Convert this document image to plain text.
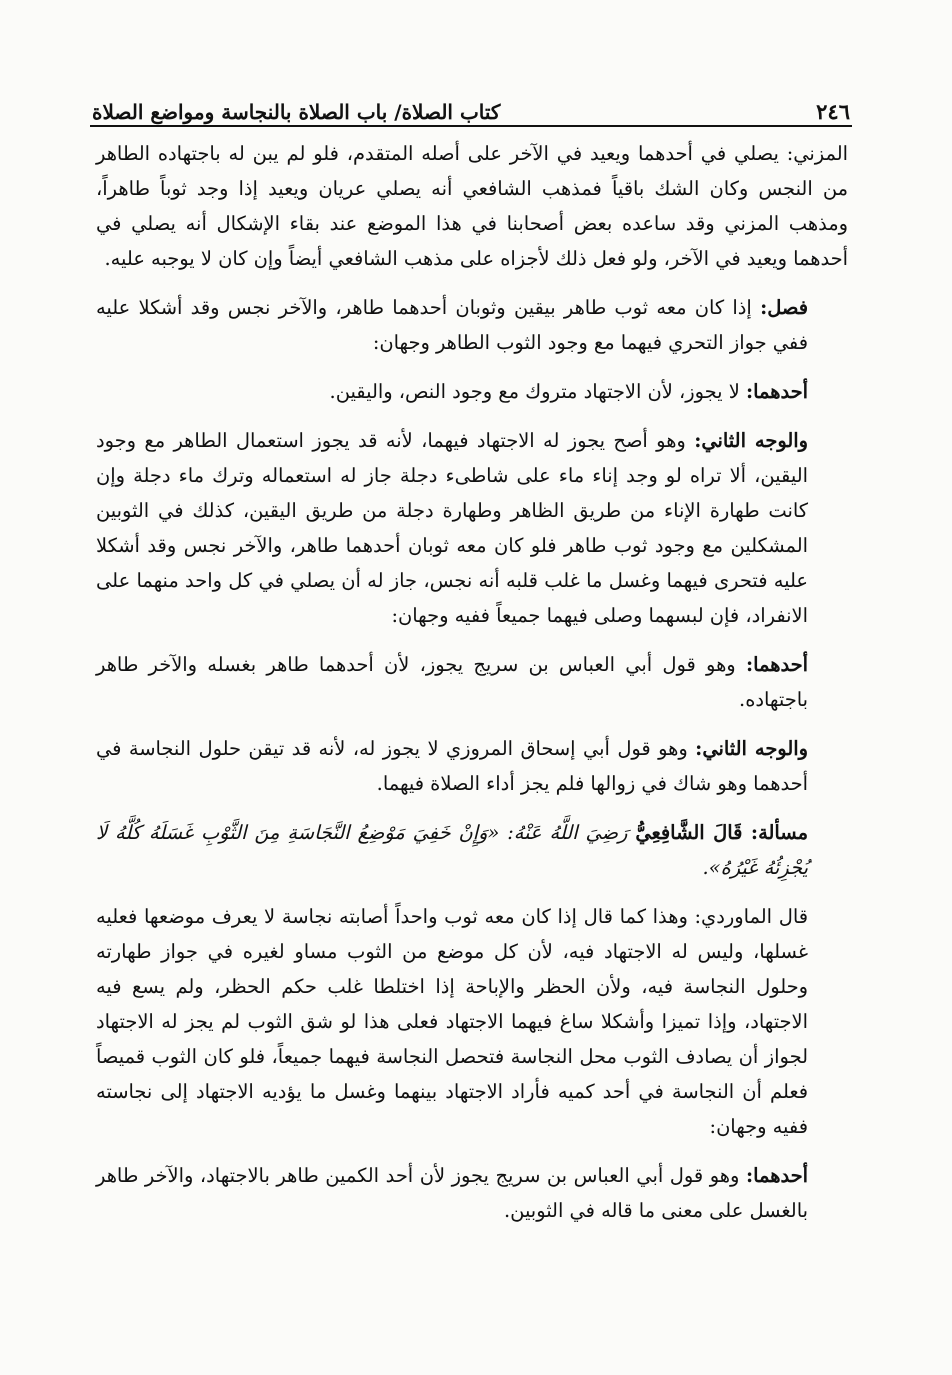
٢٤٦
كتاب الصلاة/ باب الصلاة بالنجاسة ومواضع الصلاة

المزني: يصلي في أحدهما ويعيد في الآخر على أصله المتقدم، فلو لم يبن له باجتهاده الطاهر من النجس وكان الشك باقياً فمذهب الشافعي أنه يصلي عريان ويعيد إذا وجد ثوباً طاهراً، ومذهب المزني وقد ساعده بعض أصحابنا في هذا الموضع عند بقاء الإشكال أنه يصلي في أحدهما ويعيد في الآخر، ولو فعل ذلك لأجزاه على مذهب الشافعي أيضاً وإن كان لا يوجبه عليه.

فصل: إذا كان معه ثوب طاهر بيقين وثوبان أحدهما طاهر، والآخر نجس وقد أشكلا عليه ففي جواز التحري فيهما مع وجود الثوب الطاهر وجهان:

أحدهما: لا يجوز، لأن الاجتهاد متروك مع وجود النص، واليقين.

والوجه الثاني: وهو أصح يجوز له الاجتهاد فيهما، لأنه قد يجوز استعمال الطاهر مع وجود اليقين، ألا تراه لو وجد إناء ماء على شاطىء دجلة جاز له استعماله وترك ماء دجلة وإن كانت طهارة الإناء من طريق الظاهر وطهارة دجلة من طريق اليقين، كذلك في الثوبين المشكلين مع وجود ثوب طاهر فلو كان معه ثوبان أحدهما طاهر، والآخر نجس وقد أشكلا عليه فتحرى فيهما وغسل ما غلب قلبه أنه نجس، جاز له أن يصلي في كل واحد منهما على الانفراد، فإن لبسهما وصلى فيهما جميعاً ففيه وجهان:

أحدهما: وهو قول أبي العباس بن سريج يجوز، لأن أحدهما طاهر بغسله والآخر طاهر باجتهاده.

والوجه الثاني: وهو قول أبي إسحاق المروزي لا يجوز له، لأنه قد تيقن حلول النجاسة في أحدهما وهو شاك في زوالها فلم يجز أداء الصلاة فيهما.

مسألة: قَالَ الشَّافِعِيُّ رَضِيَ اللَّهُ عَنْهُ: «وَإِنْ خَفِيَ مَوْضِعُ النَّجَاسَةِ مِنَ الثَّوْبِ غَسَلَهُ كُلَّهُ لَا يُجْزِئُهُ غَيْرُهُ».

قال الماوردي: وهذا كما قال إذا كان معه ثوب واحداً أصابته نجاسة لا يعرف موضعها فعليه غسلها، وليس له الاجتهاد فيه، لأن كل موضع من الثوب مساو لغيره في جواز طهارته وحلول النجاسة فيه، ولأن الحظر والإباحة إذا اختلطا غلب حكم الحظر، ولم يسع فيه الاجتهاد، وإذا تميزا وأشكلا ساغ فيهما الاجتهاد فعلى هذا لو شق الثوب لم يجز له الاجتهاد لجواز أن يصادف الثوب محل النجاسة فتحصل النجاسة فيهما جميعاً، فلو كان الثوب قميصاً فعلم أن النجاسة في أحد كميه فأراد الاجتهاد بينهما وغسل ما يؤديه الاجتهاد إلى نجاسته ففيه وجهان:

أحدهما: وهو قول أبي العباس بن سريج يجوز لأن أحد الكمين طاهر بالاجتهاد، والآخر طاهر بالغسل على معنى ما قاله في الثوبين.
